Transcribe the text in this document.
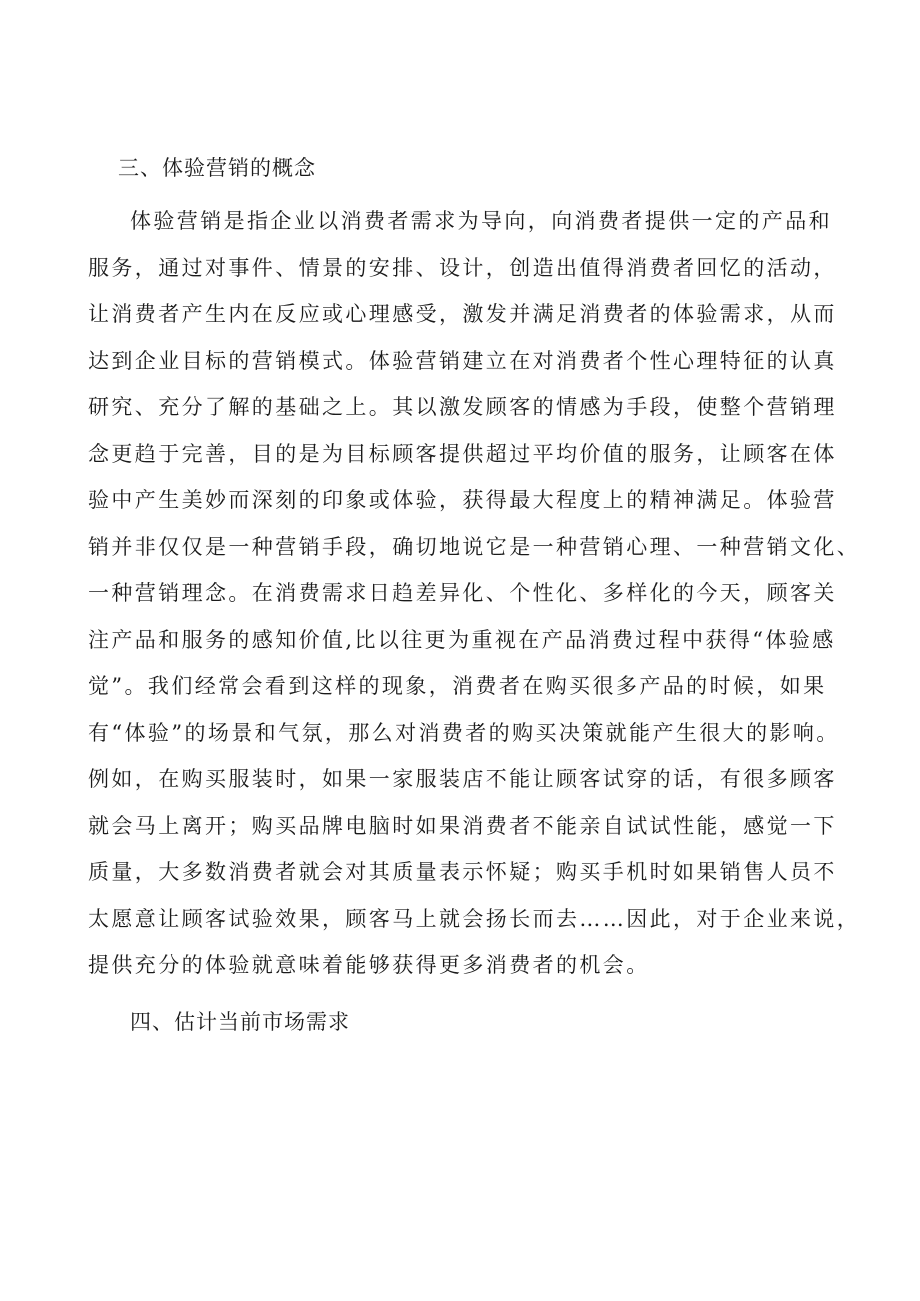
三、体验营销的概念
体验营销是指企业以消费者需求为导向，向消费者提供一定的产品和
服务，通过对事件、情景的安排、设计，创造出值得消费者回忆的活动，
让消费者产生内在反应或心理感受，激发并满足消费者的体验需求，从而
达到企业目标的营销模式。体验营销建立在对消费者个性心理特征的认真
研究、充分了解的基础之上。其以激发顾客的情感为手段，使整个营销理
念更趋于完善，目的是为目标顾客提供超过平均价值的服务，让顾客在体
验中产生美妙而深刻的印象或体验，获得最大程度上的精神满足。体验营
销并非仅仅是一种营销手段，确切地说它是一种营销心理、一种营销文化、
一种营销理念。在消费需求日趋差异化、个性化、多样化的今天，顾客关
注产品和服务的感知价值,比以往更为重视在产品消费过程中获得“体验感
觉”。我们经常会看到这样的现象，消费者在购买很多产品的时候，如果
有“体验”的场景和气氛，那么对消费者的购买决策就能产生很大的影响。
例如，在购买服装时，如果一家服装店不能让顾客试穿的话，有很多顾客
就会马上离开；购买品牌电脑时如果消费者不能亲自试试性能，感觉一下
质量，大多数消费者就会对其质量表示怀疑；购买手机时如果销售人员不
太愿意让顾客试验效果，顾客马上就会扬长而去……因此，对于企业来说，
提供充分的体验就意味着能够获得更多消费者的机会。
四、估计当前市场需求
